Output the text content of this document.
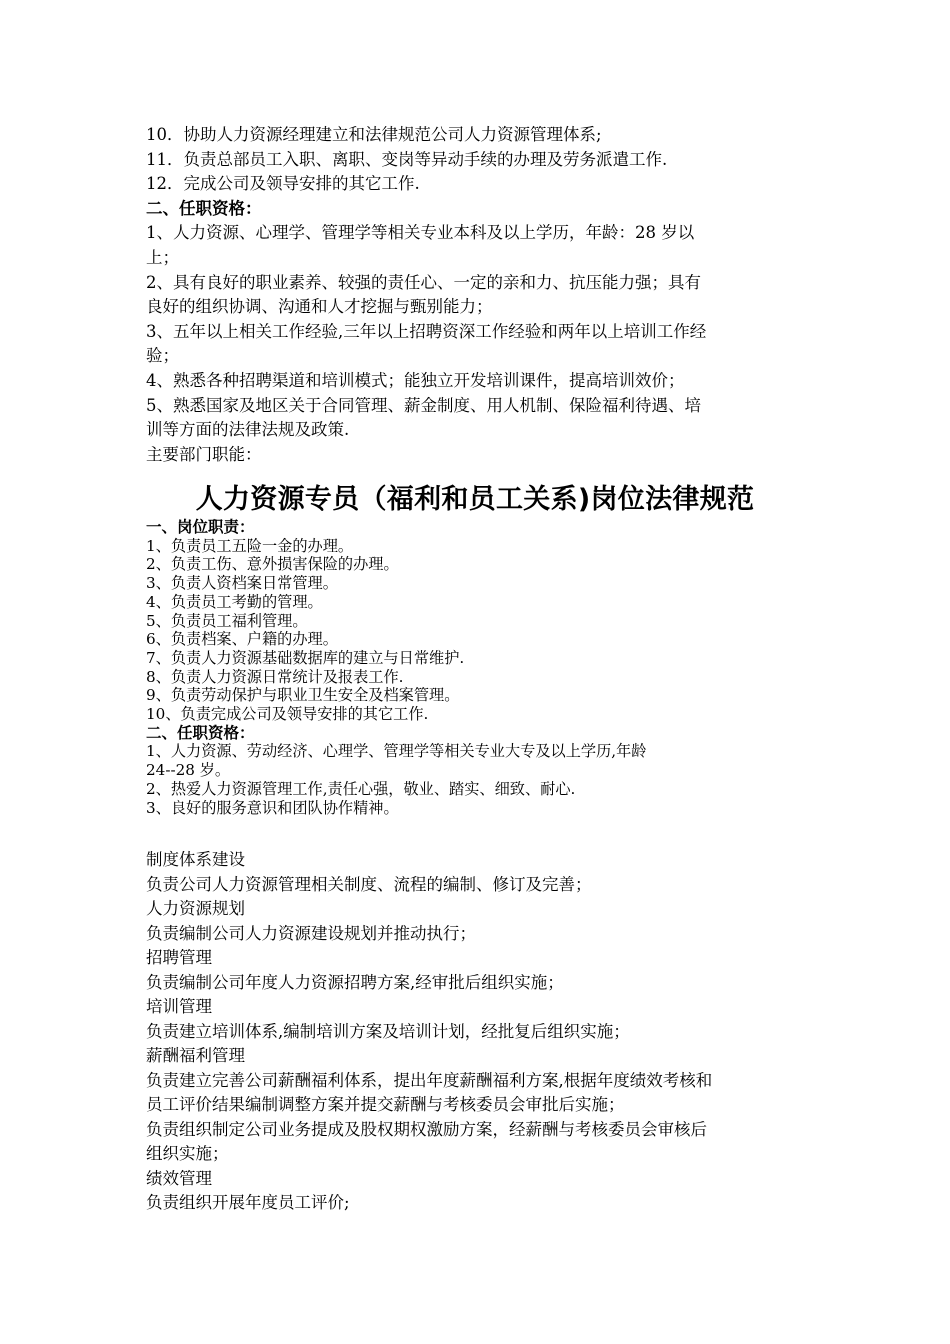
10．协助人力资源经理建立和法律规范公司人力资源管理体系;
11．负责总部员工入职、离职、变岗等异动手续的办理及劳务派遣工作.
12．完成公司及领导安排的其它工作.
二、任职资格：
1、人力资源、心理学、管理学等相关专业本科及以上学历，年龄：28 岁以
上；
2、具有良好的职业素养、较强的责任心、一定的亲和力、抗压能力强；具有
良好的组织协调、沟通和人才挖掘与甄别能力；
3、五年以上相关工作经验,三年以上招聘资深工作经验和两年以上培训工作经
验；
4、熟悉各种招聘渠道和培训模式；能独立开发培训课件，提高培训效价；
5、熟悉国家及地区关于合同管理、薪金制度、用人机制、保险福利待遇、培
训等方面的法律法规及政策.
主要部门职能：
人力资源专员（福利和员工关系)岗位法律规范
一、岗位职责：
1、负责员工五险一金的办理。
2、负责工伤、意外损害保险的办理。
3、负责人资档案日常管理。
4、负责员工考勤的管理。
5、负责员工福利管理。
6、负责档案、户籍的办理。
7、负责人力资源基础数据库的建立与日常维护.
8、负责人力资源日常统计及报表工作.
9、负责劳动保护与职业卫生安全及档案管理。
10、负责完成公司及领导安排的其它工作.
二、任职资格：
1、人力资源、劳动经济、心理学、管理学等相关专业大专及以上学历,年龄
24--28 岁。
2、热爱人力资源管理工作,责任心强，敬业、踏实、细致、耐心.
3、良好的服务意识和团队协作精神。
制度体系建设
负责公司人力资源管理相关制度、流程的编制、修订及完善；
人力资源规划
负责编制公司人力资源建设规划并推动执行；
招聘管理
负责编制公司年度人力资源招聘方案,经审批后组织实施；
培训管理
负责建立培训体系,编制培训方案及培训计划，经批复后组织实施；
薪酬福利管理
负责建立完善公司薪酬福利体系，提出年度薪酬福利方案,根据年度绩效考核和
员工评价结果编制调整方案并提交薪酬与考核委员会审批后实施；
负责组织制定公司业务提成及股权期权激励方案，经薪酬与考核委员会审核后
组织实施；
绩效管理
负责组织开展年度员工评价;
